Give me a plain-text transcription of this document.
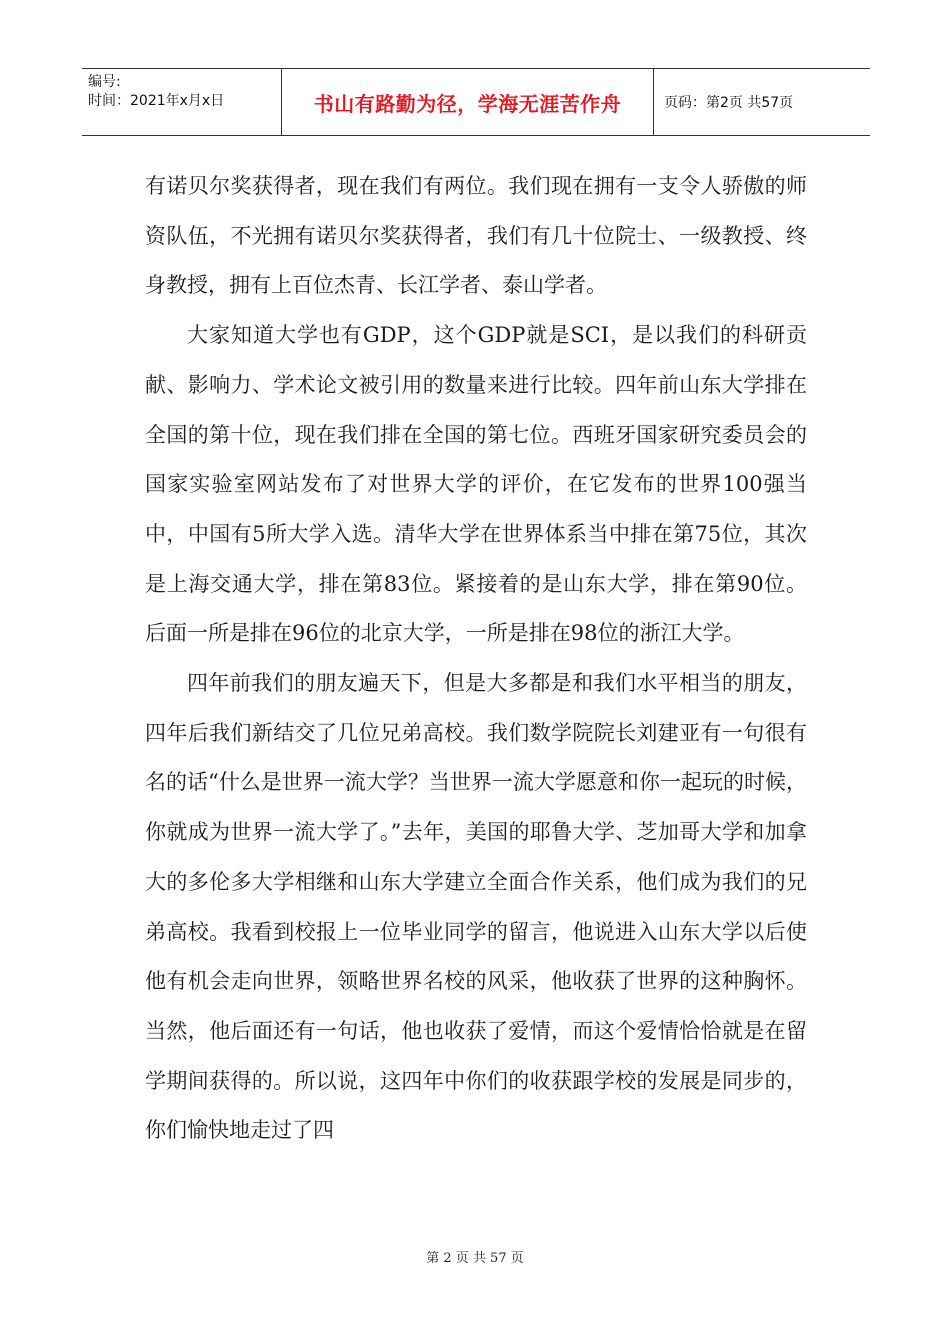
编号:
时间：2021年x月x日	书山有路勤为径，学海无涯苦作舟	页码：第2页 共57页

有诺贝尔奖获得者，现在我们有两位。我们现在拥有一支令人骄傲的师资队伍，不光拥有诺贝尔奖获得者，我们有几十位院士、一级教授、终身教授，拥有上百位杰青、长江学者、泰山学者。

大家知道大学也有GDP，这个GDP就是SCI，是以我们的科研贡献、影响力、学术论文被引用的数量来进行比较。四年前山东大学排在全国的第十位，现在我们排在全国的第七位。西班牙国家研究委员会的国家实验室网站发布了对世界大学的评价，在它发布的世界100强当中，中国有5所大学入选。清华大学在世界体系当中排在第75位，其次是上海交通大学，排在第83位。紧接着的是山东大学，排在第90位。后面一所是排在96位的北京大学，一所是排在98位的浙江大学。

四年前我们的朋友遍天下，但是大多都是和我们水平相当的朋友，四年后我们新结交了几位兄弟高校。我们数学院院长刘建亚有一句很有名的话“什么是世界一流大学？当世界一流大学愿意和你一起玩的时候，你就成为世界一流大学了。”去年，美国的耶鲁大学、芝加哥大学和加拿大的多伦多大学相继和山东大学建立全面合作关系，他们成为我们的兄弟高校。我看到校报上一位毕业同学的留言，他说进入山东大学以后使他有机会走向世界，领略世界名校的风采，他收获了世界的这种胸怀。当然，他后面还有一句话，他也收获了爱情，而这个爱情恰恰就是在留学期间获得的。所以说，这四年中你们的收获跟学校的发展是同步的，你们愉快地走过了四

第 2 页 共 57 页
